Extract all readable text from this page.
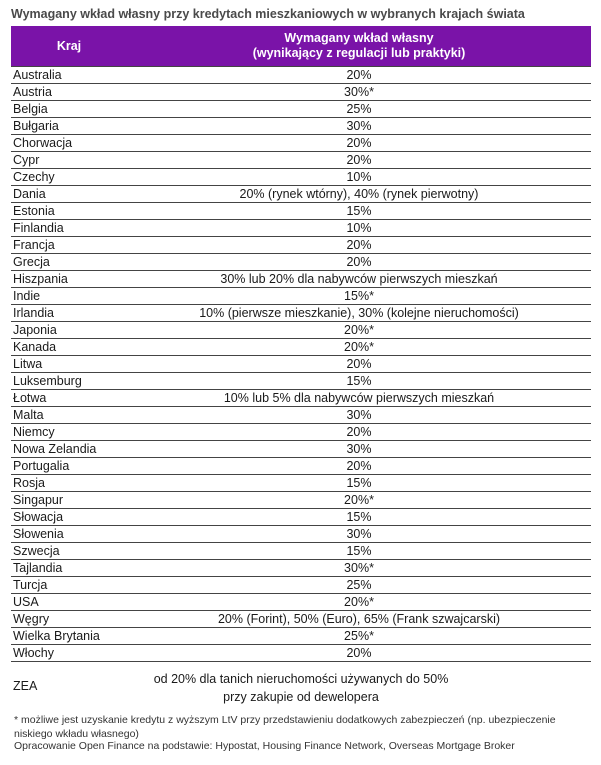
Wymagany wkład własny przy kredytach mieszkaniowych w wybranych krajach świata
Kraj	Wymagany wkład własny
(wynikający z regulacji lub praktyki)
Australia	20%
Austria	30%*
Belgia	25%
Bułgaria	30%
Chorwacja	20%
Cypr	20%
Czechy	10%
Dania	20% (rynek wtórny), 40% (rynek pierwotny)
Estonia	15%
Finlandia	10%
Francja	20%
Grecja	20%
Hiszpania	30% lub 20% dla nabywców pierwszych mieszkań
Indie	15%*
Irlandia	10% (pierwsze mieszkanie), 30% (kolejne nieruchomości)
Japonia	20%*
Kanada	20%*
Litwa	20%
Luksemburg	15%
Łotwa	10% lub 5% dla nabywców pierwszych mieszkań
Malta	30%
Niemcy	20%
Nowa Zelandia	30%
Portugalia	20%
Rosja	15%
Singapur	20%*
Słowacja	15%
Słowenia	30%
Szwecja	15%
Tajlandia	30%*
Turcja	25%
USA	20%*
Węgry	20% (Forint), 50% (Euro), 65% (Frank szwajcarski)
Wielka Brytania	25%*
Włochy	20%
ZEA	od 20% dla tanich nieruchomości używanych do 50% przy zakupie od dewelopera
* możliwe jest uzyskanie kredytu z wyższym LtV przy przedstawieniu dodatkowych zabezpieczeń (np. ubezpieczenie niskiego wkładu własnego)
Opracowanie Open Finance na podstawie: Hypostat, Housing Finance Network, Overseas Mortgage Broker
